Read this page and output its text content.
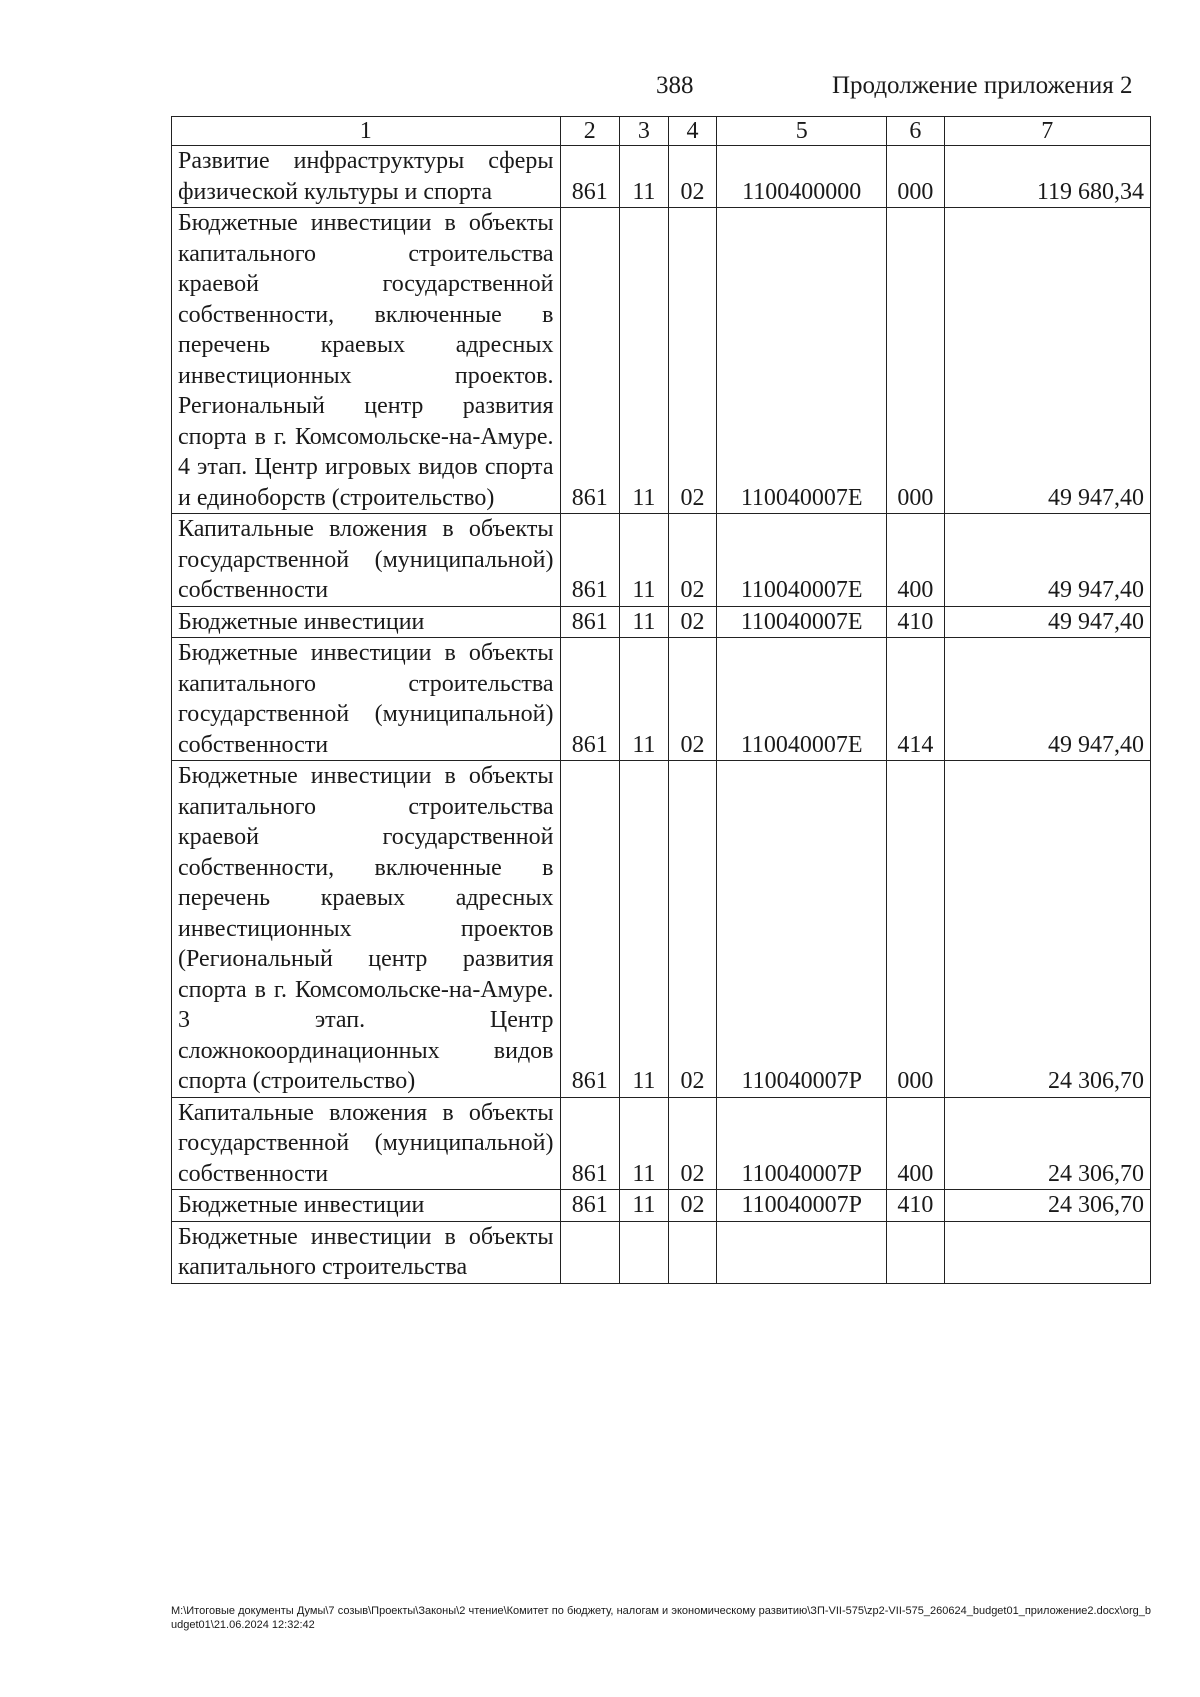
388	Продолжение приложения 2
1	2	3	4	5	6	7
Развитие инфраструктуры сферы физической культуры и спорта	861	11	02	1100400000	000	119 680,34
Бюджетные инвестиции в объекты капитального строительства краевой государственной собственности, включенные в перечень краевых адресных инвестиционных проектов. Региональный центр развития спорта в г. Комсомольске-на-Амуре. 4 этап. Центр игровых видов спорта и единоборств (строительство)	861	11	02	110040007Е	000	49 947,40
Капитальные вложения в объекты государственной (муниципальной) собственности	861	11	02	110040007Е	400	49 947,40
Бюджетные инвестиции	861	11	02	110040007Е	410	49 947,40
Бюджетные инвестиции в объекты капитального строительства государственной (муниципальной) собственности	861	11	02	110040007Е	414	49 947,40
Бюджетные инвестиции в объекты капитального строительства краевой государственной собственности, включенные в перечень краевых адресных инвестиционных проектов (Региональный центр развития спорта в г. Комсомольске-на-Амуре. 3 этап. Центр сложнокоординационных видов спорта (строительство)	861	11	02	110040007Р	000	24 306,70
Капитальные вложения в объекты государственной (муниципальной) собственности	861	11	02	110040007Р	400	24 306,70
Бюджетные инвестиции	861	11	02	110040007Р	410	24 306,70
Бюджетные инвестиции в объекты капитального строительства						
М:\Итоговые документы Думы\7 созыв\Проекты\Законы\2 чтение\Комитет по бюджету, налогам и экономическому развитию\ЗП-VII-575\zp2-VII-575_260624_budget01_приложение2.docx\org_budget01\21.06.2024 12:32:42
